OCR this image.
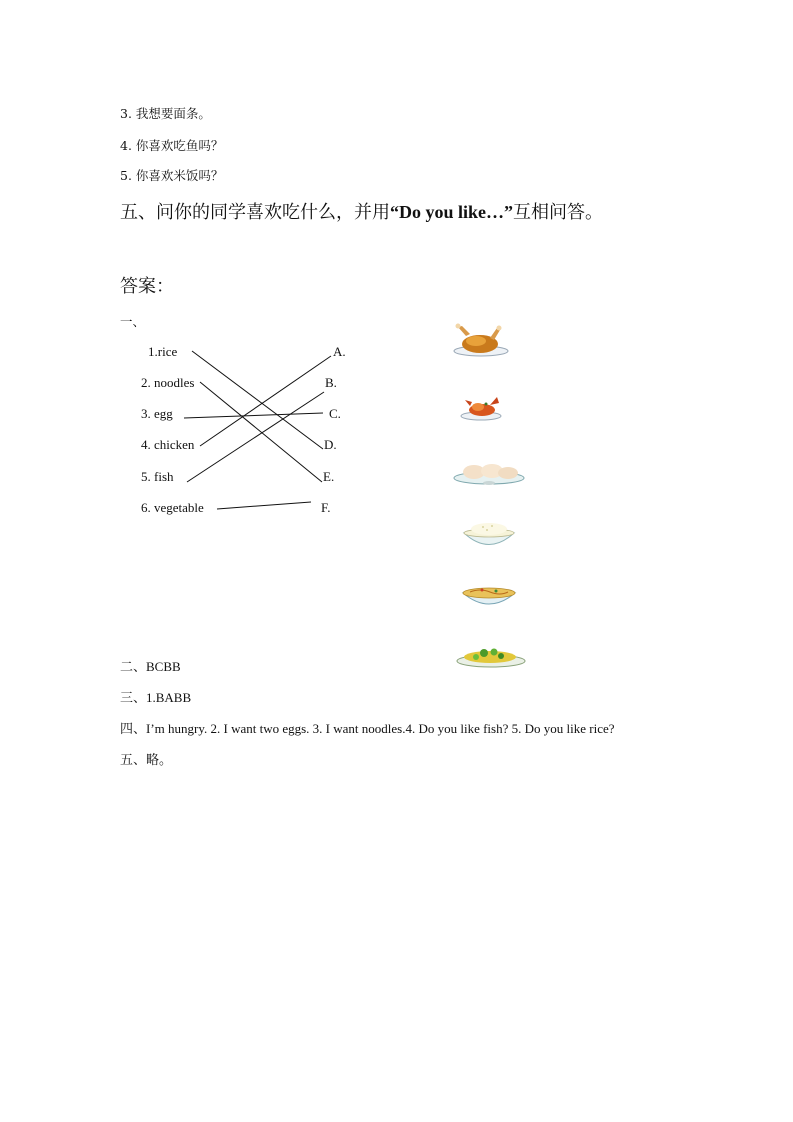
3. 我想要面条。
4. 你喜欢吃鱼吗？
5. 你喜欢米饭吗？
五、问你的同学喜欢吃什么，并用“Do you like…”互相问答。
答案：
一、
1.rice
2. noodles
3. egg
4. chicken
5. fish
6. vegetable
A.
B.
C.
D.
E.
F.
二、BCBB
三、1.BABB
四、I’m hungry. 2. I want two eggs. 3. I want noodles.4. Do you like fish? 5. Do you like rice?
五、略。
